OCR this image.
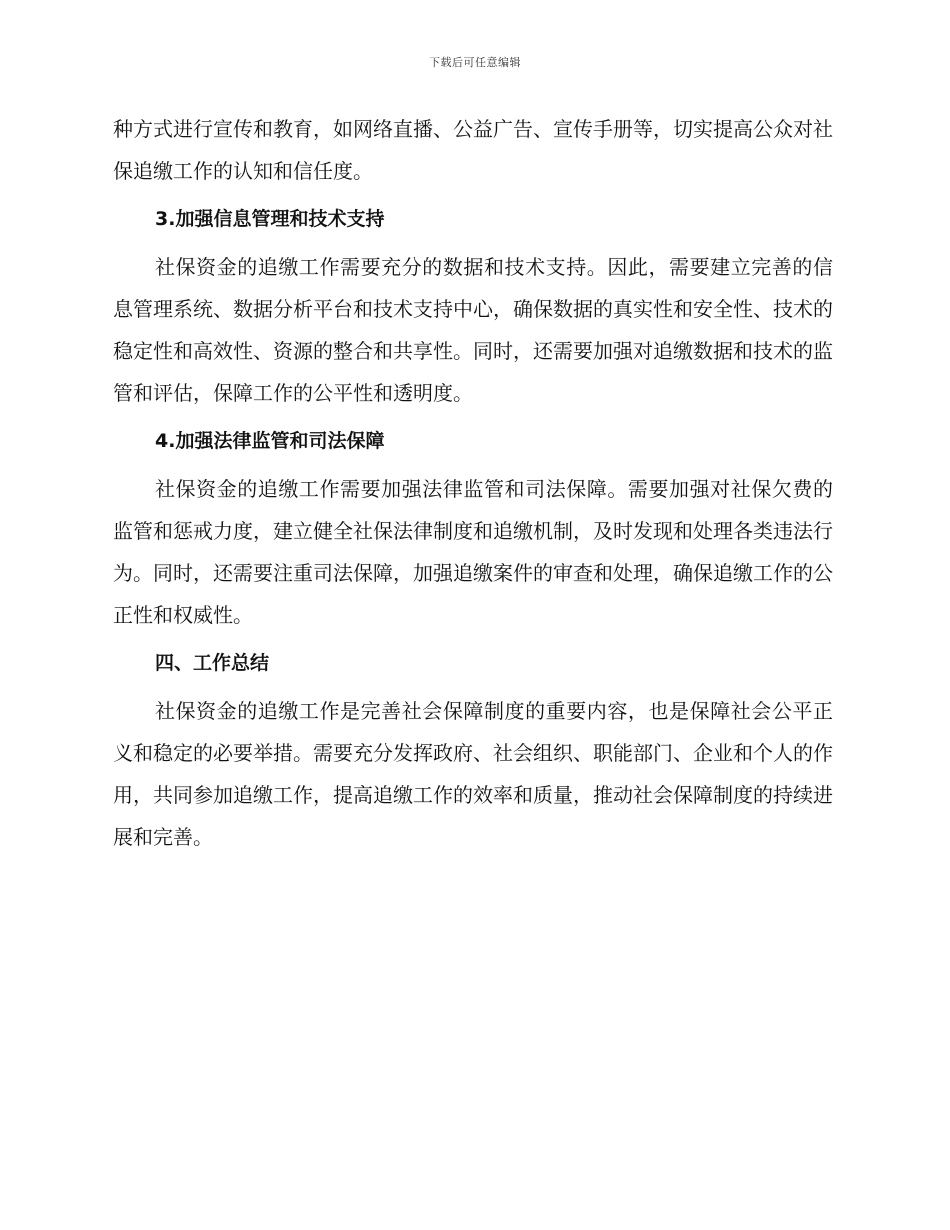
下载后可任意编辑

种方式进行宣传和教育，如网络直播、公益广告、宣传手册等，切实提高公众对社保追缴工作的认知和信任度。

3.加强信息管理和技术支持

社保资金的追缴工作需要充分的数据和技术支持。因此，需要建立完善的信息管理系统、数据分析平台和技术支持中心，确保数据的真实性和安全性、技术的稳定性和高效性、资源的整合和共享性。同时，还需要加强对追缴数据和技术的监管和评估，保障工作的公平性和透明度。

4.加强法律监管和司法保障

社保资金的追缴工作需要加强法律监管和司法保障。需要加强对社保欠费的监管和惩戒力度，建立健全社保法律制度和追缴机制，及时发现和处理各类违法行为。同时，还需要注重司法保障，加强追缴案件的审查和处理，确保追缴工作的公正性和权威性。

四、工作总结

社保资金的追缴工作是完善社会保障制度的重要内容，也是保障社会公平正义和稳定的必要举措。需要充分发挥政府、社会组织、职能部门、企业和个人的作用，共同参加追缴工作，提高追缴工作的效率和质量，推动社会保障制度的持续进展和完善。
